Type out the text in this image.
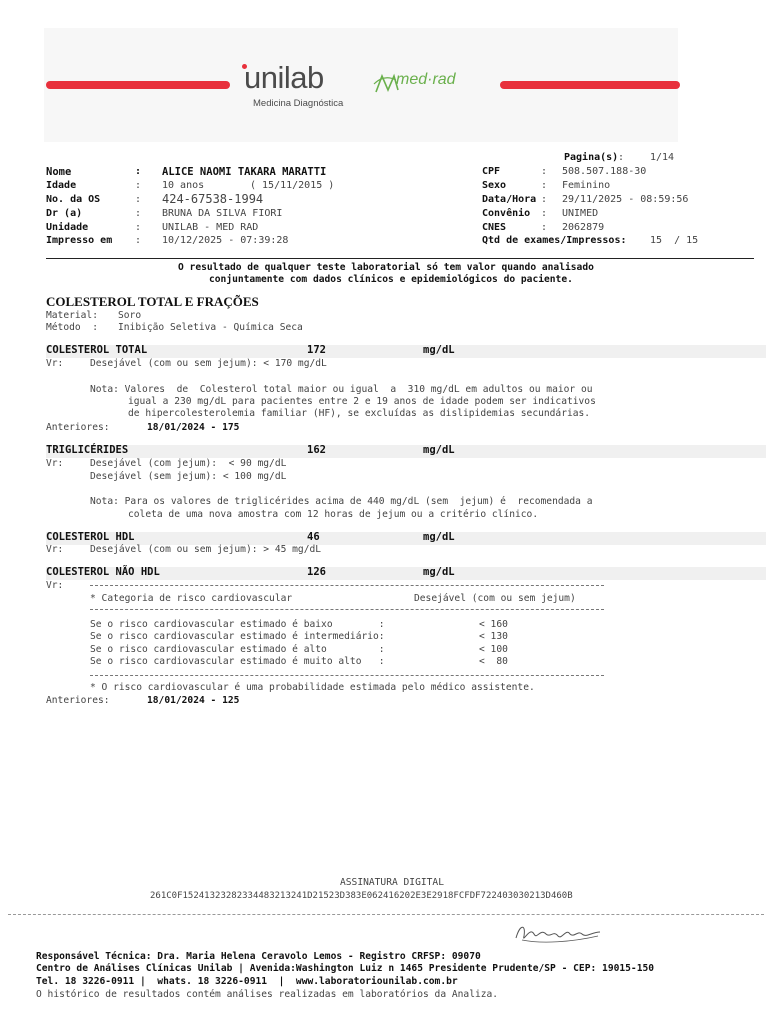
unilab
Medicina Diagnóstica
med·rad
Pagina(s) :	1/14
Nome	: ALICE NAOMI TAKARA MARATTI
Idade	: 10 anos	( 15/11/2015 )
No. da OS	: 424-67538-1994
Dr (a)	: BRUNA DA SILVA FIORI
Unidade	: UNILAB - MED RAD
Impresso em : 10/12/2025 - 07:39:28
CPF	: 508.507.188-30
Sexo	: Feminino
Data/Hora : 29/11/2025 - 08:59:56
Convênio : UNIMED
CNES	: 2062879
Qtd de exames/Impressos: 15  / 15
O resultado de qualquer teste laboratorial só tem valor quando analisado
conjuntamente com dados clínicos e epidemiológicos do paciente.
COLESTEROL TOTAL E FRAÇÕES
Material: Soro
Método  : Inibição Seletiva - Química Seca
COLESTEROL TOTAL	172	mg/dL
Vr:	Desejável (com ou sem jejum): < 170 mg/dL
Nota: Valores  de  Colesterol total maior ou igual  a  310 mg/dL em adultos ou maior ou
igual a 230 mg/dL para pacientes entre 2 e 19 anos de idade podem ser indicativos
de hipercolesterolemia familiar (HF), se excluídas as dislipidemias secundárias.
Anteriores:	18/01/2024 - 175
TRIGLICÉRIDES	162	mg/dL
Vr:	Desejável (com jejum):  < 90 mg/dL
Desejável (sem jejum): < 100 mg/dL
Nota: Para os valores de triglicérides acima de 440 mg/dL (sem  jejum) é  recomendada a
coleta de uma nova amostra com 12 horas de jejum ou a critério clínico.
COLESTEROL HDL	46	mg/dL
Vr:	Desejável (com ou sem jejum): > 45 mg/dL
COLESTEROL NÃO HDL	126	mg/dL
Vr:
* Categoria de risco cardiovascular	Desejável (com ou sem jejum)
Se o risco cardiovascular estimado é baixo        :	< 160
Se o risco cardiovascular estimado é intermediário:	< 130
Se o risco cardiovascular estimado é alto         :	< 100
Se o risco cardiovascular estimado é muito alto   :	<  80
* O risco cardiovascular é uma probabilidade estimada pelo médico assistente.
Anteriores:	18/01/2024 - 125
ASSINATURA DIGITAL
261C0F15241323282334483213241D21523D383E062416202E3E2918FCFDF722403030213D460B
Responsável Técnica: Dra. Maria Helena Ceravolo Lemos - Registro CRFSP: 09070
Centro de Análises Clínicas Unilab | Avenida:Washington Luiz n 1465 Presidente Prudente/SP - CEP: 19015-150
Tel. 18 3226-0911 |  whats. 18 3226-0911  |  www.laboratoriounilab.com.br
O histórico de resultados contém análises realizadas em laboratórios da Analiza.
